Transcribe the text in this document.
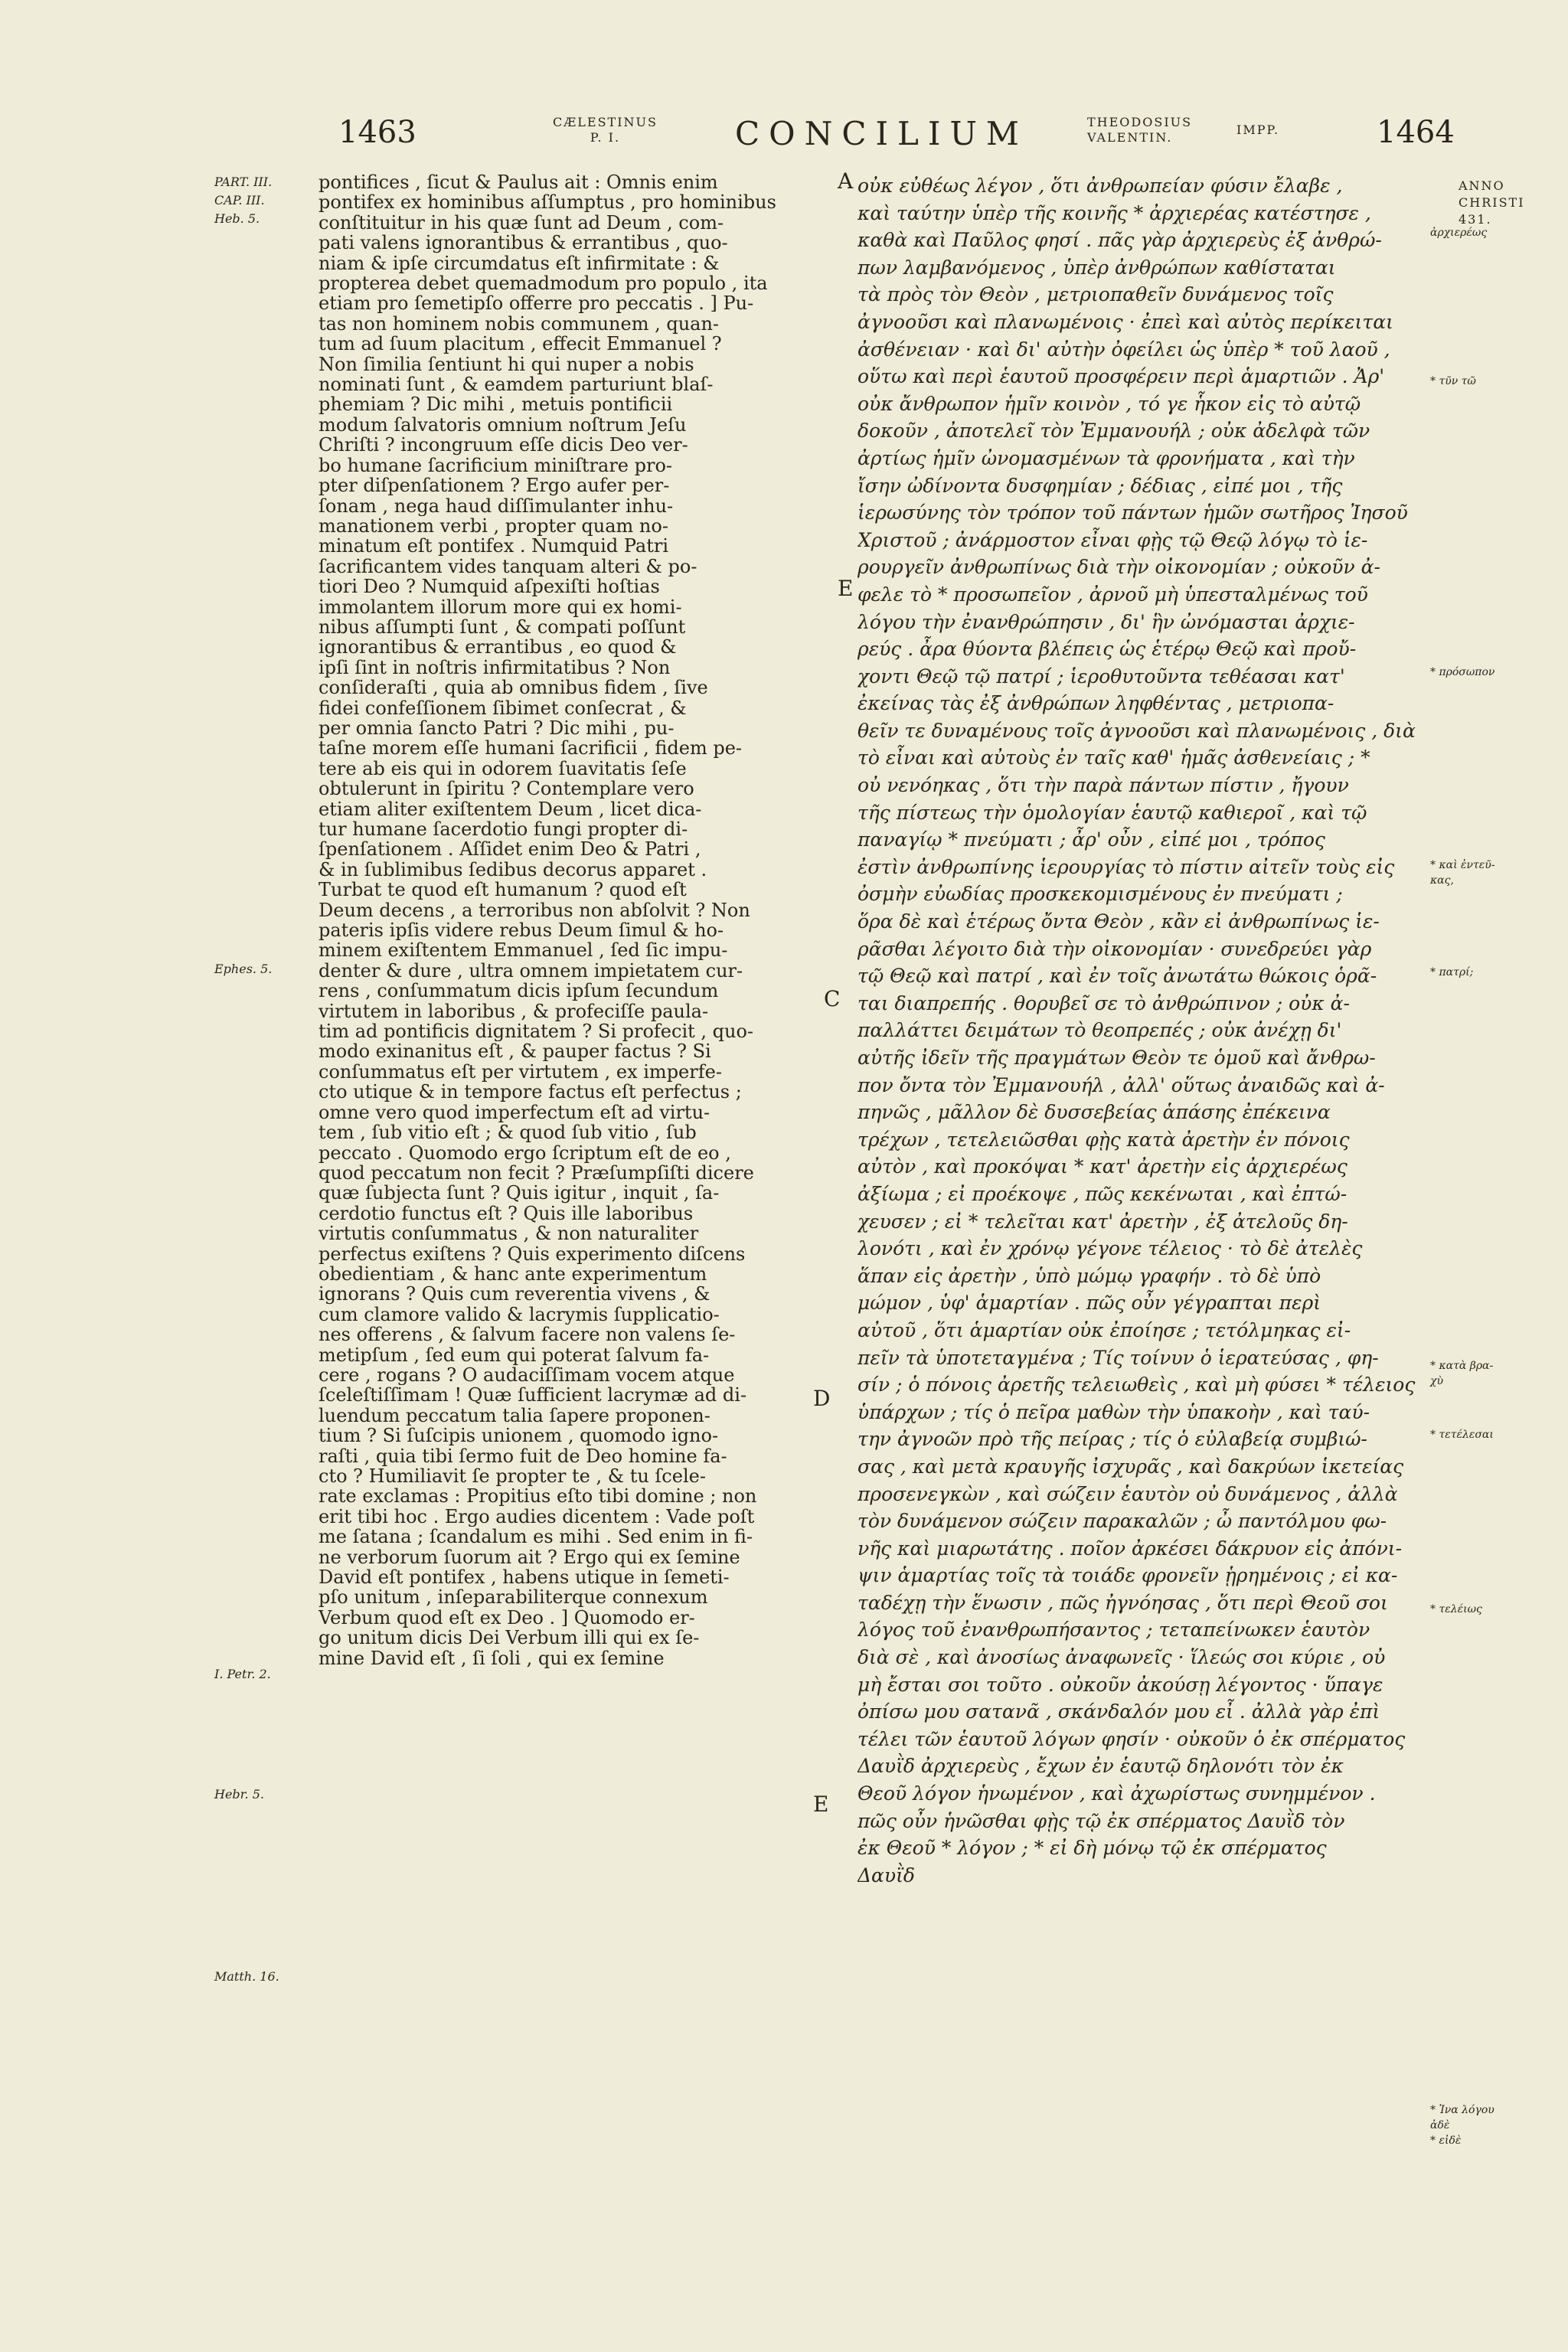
1463	CÆLESTINUS
P. I.	CONCILIUM	THEODOSIUS
VALENTIN.
IMPP.	1464
PART. III.
CAP. III.
Heb. 5.
Ephes. 5.
I. Petr. 2.
Hebr. 5.
Matth. 16.
A
E
C
D
E
ἀρχιερέως
* τῦν τῶ
* πρόσωπον
* καὶ ἐντεῦ-
κας,
* πατρί;
* κατὰ βρα-
χὺ
* τετέλεσαι
* τελέιως
* Ἰνα λόγου
ἀδὲ
* εἰδὲ
ANNO
CHRISTI
431.
pontifices , ſicut & Paulus ait : Omnis enim
pontifex ex hominibus aſſumptus , pro hominibus
conſtituitur in his quæ ſunt ad Deum , com-
pati valens ignorantibus & errantibus , quo-
niam & ipſe circumdatus eſt infirmitate : &
propterea debet quemadmodum pro populo , ita
etiam pro ſemetipſo offerre pro peccatis . ] Pu-
tas non hominem nobis communem , quan-
tum ad ſuum placitum , effecit Emmanuel ?
Non ſimilia ſentiunt hi qui nuper a nobis
nominati ſunt , & eamdem parturiunt blaſ-
phemiam ? Dic mihi , metuis pontificii
modum ſalvatoris omnium noſtrum Jeſu
Chriſti ? incongruum eſſe dicis Deo ver-
bo humane ſacrificium miniſtrare pro-
pter diſpenſationem ? Ergo aufer per-
ſonam , nega haud diſſimulanter inhu-
manationem verbi , propter quam no-
minatum eſt pontifex . Numquid Patri
ſacrificantem vides tanquam alteri & po-
tiori Deo ? Numquid aſpexiſti hoſtias
immolantem illorum more qui ex homi-
nibus aſſumpti ſunt , & compati poſſunt
ignorantibus & errantibus , eo quod &
ipſi ſint in noſtris infirmitatibus ? Non
conſideraſti , quia ab omnibus fidem , ſive
fidei confeſſionem ſibimet conſecrat , &
per omnia ſancto Patri ? Dic mihi , pu-
taſne morem eſſe humani ſacrificii , fidem pe-
tere ab eis qui in odorem ſuavitatis ſeſe
obtulerunt in ſpiritu ? Contemplare vero
etiam aliter exiſtentem Deum , licet dica-
tur humane ſacerdotio fungi propter di-
ſpenſationem . Aſſidet enim Deo & Patri ,
& in ſublimibus ſedibus decorus apparet .
Turbat te quod eſt humanum ? quod eſt
Deum decens , a terroribus non abſolvit ? Non
pateris ipſis videre rebus Deum ſimul & ho-
minem exiſtentem Emmanuel , ſed ſic impu-
denter & dure , ultra omnem impietatem cur-
rens , conſummatum dicis ipſum ſecundum
virtutem in laboribus , & profeciſſe paula-
tim ad pontificis dignitatem ? Si profecit , quo-
modo exinanitus eſt , & pauper factus ? Si
conſummatus eſt per virtutem , ex imperfe-
cto utique & in tempore factus eſt perfectus ;
omne vero quod imperfectum eſt ad virtu-
tem , ſub vitio eſt ; & quod ſub vitio , ſub
peccato . Quomodo ergo ſcriptum eſt de eo ,
quod peccatum non fecit ? Præſumpſiſti dicere
quæ ſubjecta ſunt ? Quis igitur , inquit , ſa-
cerdotio functus eſt ? Quis ille laboribus
virtutis conſummatus , & non naturaliter
perfectus exiſtens ? Quis experimento diſcens
obedientiam , & hanc ante experimentum
ignorans ? Quis cum reverentia vivens , &
cum clamore valido & lacrymis ſupplicatio-
nes offerens , & ſalvum facere non valens ſe-
metipſum , ſed eum qui poterat ſalvum fa-
cere , rogans ? O audaciſſimam vocem atque
ſceleſtiſſimam ! Quæ ſufficient lacrymæ ad di-
luendum peccatum talia ſapere proponen-
tium ? Si ſuſcipis unionem , quomodo igno-
raſti , quia tibi ſermo fuit de Deo homine fa-
cto ? Humiliavit ſe propter te , & tu ſcele-
rate exclamas : Propitius eſto tibi domine ; non
erit tibi hoc . Ergo audies dicentem : Vade poſt
me ſatana ; ſcandalum es mihi . Sed enim in fi-
ne verborum ſuorum ait ? Ergo qui ex ſemine
David eſt pontifex , habens utique in ſemeti-
pſo unitum , inſeparabiliterque connexum
Verbum quod eſt ex Deo . ] Quomodo er-
go unitum dicis Dei Verbum illi qui ex ſe-
mine David eſt , ſi ſoli , qui ex ſemine
οὐκ εὐθέως λέγον , ὅτι ἀνθρωπείαν φύσιν ἔλαβε ,
καὶ ταύτην ὑπὲρ τῆς κοινῆς * ἀρχιερέας κατέστησε ,
καθὰ καὶ Παῦλος φησί . πᾶς γὰρ ἀρχιερεὺς ἐξ ἀνθρώ-
πων λαμβανόμενος , ὑπὲρ ἀνθρώπων καθίσταται
τὰ πρὸς τὸν Θεὸν , μετριοπαθεῖν δυνάμενος τοῖς
ἀγνοοῦσι καὶ πλανωμένοις · ἐπεὶ καὶ αὐτὸς περίκειται
ἀσθένειαν · καὶ δι' αὐτὴν ὀφείλει ὡς ὑπὲρ * τοῦ λαοῦ ,
οὕτω καὶ περὶ ἑαυτοῦ προσφέρειν περὶ ἁμαρτιῶν . Ἀρ'
οὐκ ἄνθρωπον ἡμῖν κοινὸν , τό γε ἧκον εἰς τὸ αὐτῷ
δοκοῦν , ἀποτελεῖ τὸν Ἐμμανουήλ ; οὐκ ἀδελφὰ τῶν
ἀρτίως ἡμῖν ὠνομασμένων τὰ φρονήματα , καὶ τὴν
ἴσην ὠδίνοντα δυσφημίαν ; δέδιας , εἰπέ μοι , τῆς
ἱερωσύνης τὸν τρόπον τοῦ πάντων ἡμῶν σωτῆρος Ἰησοῦ
Χριστοῦ ; ἀνάρμοστον εἶναι φῂς τῷ Θεῷ λόγῳ τὸ ἱε-
ρουργεῖν ἀνθρωπίνως διὰ τὴν οἰκονομίαν ; οὐκοῦν ἀ-
φελε τὸ * προσωπεῖον , ἀρνοῦ μὴ ὑπεσταλμένως τοῦ
λόγου τὴν ἐνανθρώπησιν , δι' ἣν ὠνόμασται ἀρχιε-
ρεύς . ἆρα θύοντα βλέπεις ὡς ἑτέρῳ Θεῷ καὶ προὔ-
χοντι Θεῷ τῷ πατρί ; ἱεροθυτοῦντα τεθέασαι κατ'
ἐκείνας τὰς ἐξ ἀνθρώπων ληφθέντας , μετριοπα-
θεῖν τε δυναμένους τοῖς ἀγνοοῦσι καὶ πλανωμένοις , διὰ
τὸ εἶναι καὶ αὐτοὺς ἐν ταῖς καθ' ἡμᾶς ἀσθενείαις ; *
οὐ νενόηκας , ὅτι τὴν παρὰ πάντων πίστιν , ἤγουν
τῆς πίστεως τὴν ὁμολογίαν ἑαυτῷ καθιεροῖ , καὶ τῷ
παναγίῳ * πνεύματι ; ἆρ' οὖν , εἰπέ μοι , τρόπος
ἐστὶν ἀνθρωπίνης ἱερουργίας τὸ πίστιν αἰτεῖν τοὺς εἰς
ὀσμὴν εὐωδίας προσκεκομισμένους ἐν πνεύματι ;
ὅρα δὲ καὶ ἑτέρως ὄντα Θεὸν , κἂν εἰ ἀνθρωπίνως ἱε-
ρᾶσθαι λέγοιτο διὰ τὴν οἰκονομίαν · συνεδρεύει γὰρ
τῷ Θεῷ καὶ πατρί , καὶ ἐν τοῖς ἀνωτάτω θώκοις ὁρᾶ-
ται διαπρεπής . θορυβεῖ σε τὸ ἀνθρώπινον ; οὐκ ἀ-
παλλάττει δειμάτων τὸ θεοπρεπές ; οὐκ ἀνέχῃ δι'
αὐτῆς ἰδεῖν τῆς πραγμάτων Θεὸν τε ὁμοῦ καὶ ἄνθρω-
πον ὄντα τὸν Ἐμμανουήλ , ἀλλ' οὕτως ἀναιδῶς καὶ ἀ-
πηνῶς , μᾶλλον δὲ δυσσεβείας ἁπάσης ἐπέκεινα
τρέχων , τετελειῶσθαι φῂς κατὰ ἀρετὴν ἐν πόνοις
αὐτὸν , καὶ προκόψαι * κατ' ἀρετὴν εἰς ἀρχιερέως
ἀξίωμα ; εἰ προέκοψε , πῶς κεκένωται , καὶ ἐπτώ-
χευσεν ; εἰ * τελεῖται κατ' ἀρετὴν , ἐξ ἀτελοῦς δη-
λονότι , καὶ ἐν χρόνῳ γέγονε τέλειος · τὸ δὲ ἀτελὲς
ἅπαν εἰς ἀρετὴν , ὑπὸ μώμῳ γραφήν . τὸ δὲ ὑπὸ
μώμον , ὑφ' ἁμαρτίαν . πῶς οὖν γέγραπται περὶ
αὐτοῦ , ὅτι ἁμαρτίαν οὐκ ἐποίησε ; τετόλμηκας εἰ-
πεῖν τὰ ὑποτεταγμένα ; Τίς τοίνυν ὁ ἱερατεύσας , φη-
σίν ; ὁ πόνοις ἀρετῆς τελειωθεὶς , καὶ μὴ φύσει * τέλειος
ὑπάρχων ; τίς ὁ πεῖρα μαθὼν τὴν ὑπακοὴν , καὶ ταύ-
την ἀγνοῶν πρὸ τῆς πείρας ; τίς ὁ εὐλαβείᾳ συμβιώ-
σας , καὶ μετὰ κραυγῆς ἰσχυρᾶς , καὶ δακρύων ἱκετείας
προσενεγκὼν , καὶ σώζειν ἑαυτὸν οὐ δυνάμενος , ἀλλὰ
τὸν δυνάμενον σώζειν παρακαλῶν ; ὦ παντόλμου φω-
νῆς καὶ μιαρωτάτης . ποῖον ἀρκέσει δάκρυον εἰς ἀπόνι-
ψιν ἁμαρτίας τοῖς τὰ τοιάδε φρονεῖν ᾑρημένοις ; εἰ κα-
ταδέχῃ τὴν ἕνωσιν , πῶς ἠγνόησας , ὅτι περὶ Θεοῦ σοι
λόγος τοῦ ἐνανθρωπήσαντος ; τεταπείνωκεν ἑαυτὸν
διὰ σὲ , καὶ ἀνοσίως ἀναφωνεῖς · ἵλεώς σοι κύριε , οὐ
μὴ ἔσται σοι τοῦτο . οὐκοῦν ἀκούσῃ λέγοντος · ὕπαγε
ὀπίσω μου σατανᾶ , σκάνδαλόν μου εἶ . ἀλλὰ γὰρ ἐπὶ
τέλει τῶν ἑαυτοῦ λόγων φησίν · οὐκοῦν ὁ ἐκ σπέρματος
Δαυῒδ ἀρχιερεὺς , ἔχων ἐν ἑαυτῷ δηλονότι τὸν ἐκ
Θεοῦ λόγον ἡνωμένον , καὶ ἀχωρίστως συνημμένον .
πῶς οὖν ἡνῶσθαι φῂς τῷ ἐκ σπέρματος Δαυῒδ τὸν
ἐκ Θεοῦ * λόγον ; * εἰ δὴ μόνῳ τῷ ἐκ σπέρματος
Δαυῒδ
